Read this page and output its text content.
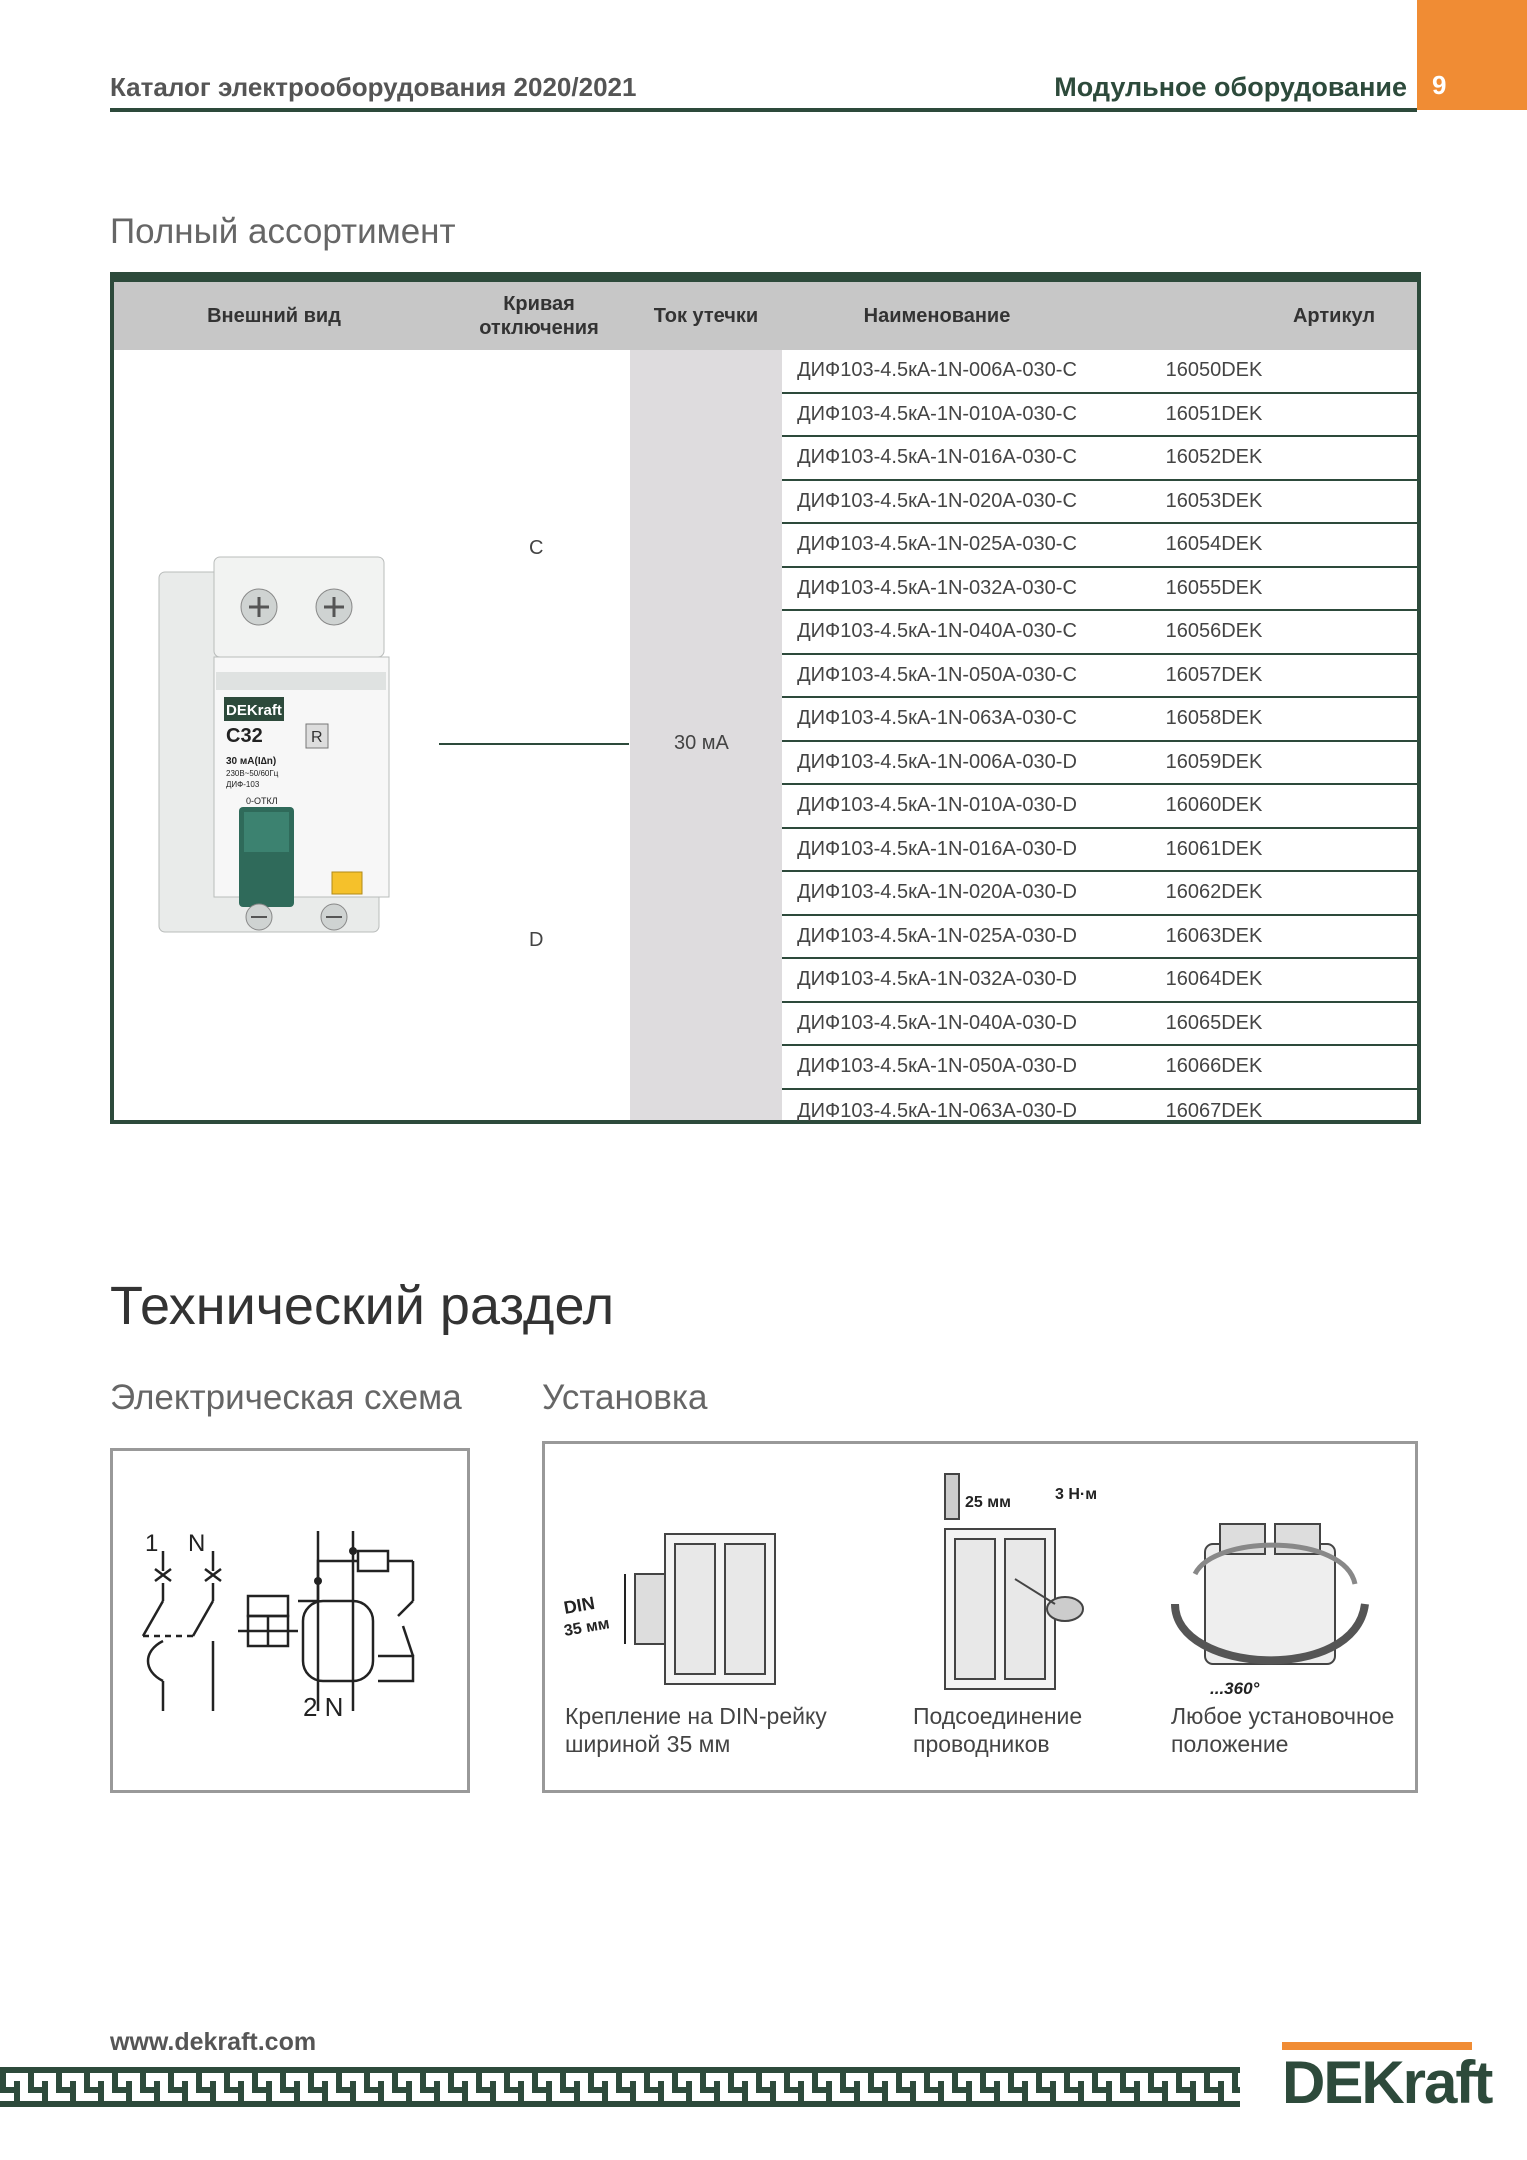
Каталог электрооборудования 2020/2021	Модульное оборудование 9
Полный ассортимент
Внешний вид
Кривая отключения
Ток утечки	Наименование	Артикул
30 мА
C
D
DEKraft
C32	R
30 мА(I∆n)
230В~50/60Гц
ДИФ-103
0-ОТКЛ
ДИФ103-4.5кА-1N-006A-030-C	16050DEK
ДИФ103-4.5кА-1N-010A-030-C	16051DEK
ДИФ103-4.5кА-1N-016A-030-C	16052DEK
ДИФ103-4.5кА-1N-020A-030-C	16053DEK
ДИФ103-4.5кА-1N-025A-030-C	16054DEK
ДИФ103-4.5кА-1N-032A-030-C	16055DEK
ДИФ103-4.5кА-1N-040A-030-C	16056DEK
ДИФ103-4.5кА-1N-050A-030-C	16057DEK
ДИФ103-4.5кА-1N-063A-030-C	16058DEK
ДИФ103-4.5кА-1N-006A-030-D	16059DEK
ДИФ103-4.5кА-1N-010A-030-D	16060DEK
ДИФ103-4.5кА-1N-016A-030-D	16061DEK
ДИФ103-4.5кА-1N-020A-030-D	16062DEK
ДИФ103-4.5кА-1N-025A-030-D	16063DEK
ДИФ103-4.5кА-1N-032A-030-D	16064DEK
ДИФ103-4.5кА-1N-040A-030-D	16065DEK
ДИФ103-4.5кА-1N-050A-030-D	16066DEK
ДИФ103-4.5кА-1N-063A-030-D	16067DEK
Технический раздел
Электрическая схема Установка
1 N
2 N
DIN
35 мм
Крепление на DIN-рейку шириной 35 мм
25 мм	3 Н·м
Подсоединение проводников
...360°
Любое установочное положение
www.dekraft.com
DEKraft
